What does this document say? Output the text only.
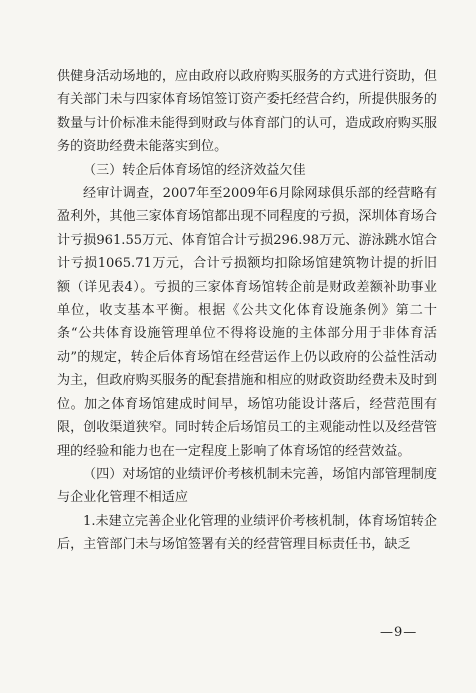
供健身活动场地的，应由政府以政府购买服务的方式进行资助，但有关部门未与四家体育场馆签订资产委托经营合约，所提供服务的数量与计价标准未能得到财政与体育部门的认可，造成政府购买服务的资助经费未能落实到位。

（三）转企后体育场馆的经济效益欠佳

经审计调查，2007年至2009年6月除网球俱乐部的经营略有盈利外，其他三家体育场馆都出现不同程度的亏损，深圳体育场合计亏损961.55万元、体育馆合计亏损296.98万元、游泳跳水馆合计亏损1065.71万元，合计亏损额均扣除场馆建筑物计提的折旧额（详见表4）。亏损的三家体育场馆转企前是财政差额补助事业单位，收支基本平衡。根据《公共文化体育设施条例》第二十条“公共体育设施管理单位不得将设施的主体部分用于非体育活动”的规定，转企后体育场馆在经营运作上仍以政府的公益性活动为主，但政府购买服务的配套措施和相应的财政资助经费未及时到位。加之体育场馆建成时间早，场馆功能设计落后，经营范围有限，创收渠道狭窄。同时转企后场馆员工的主观能动性以及经营管理的经验和能力也在一定程度上影响了体育场馆的经营效益。

（四）对场馆的业绩评价考核机制未完善，场馆内部管理制度与企业化管理不相适应

1.未建立完善企业化管理的业绩评价考核机制，体育场馆转企后，主管部门未与场馆签署有关的经营管理目标责任书，缺乏

—9—
